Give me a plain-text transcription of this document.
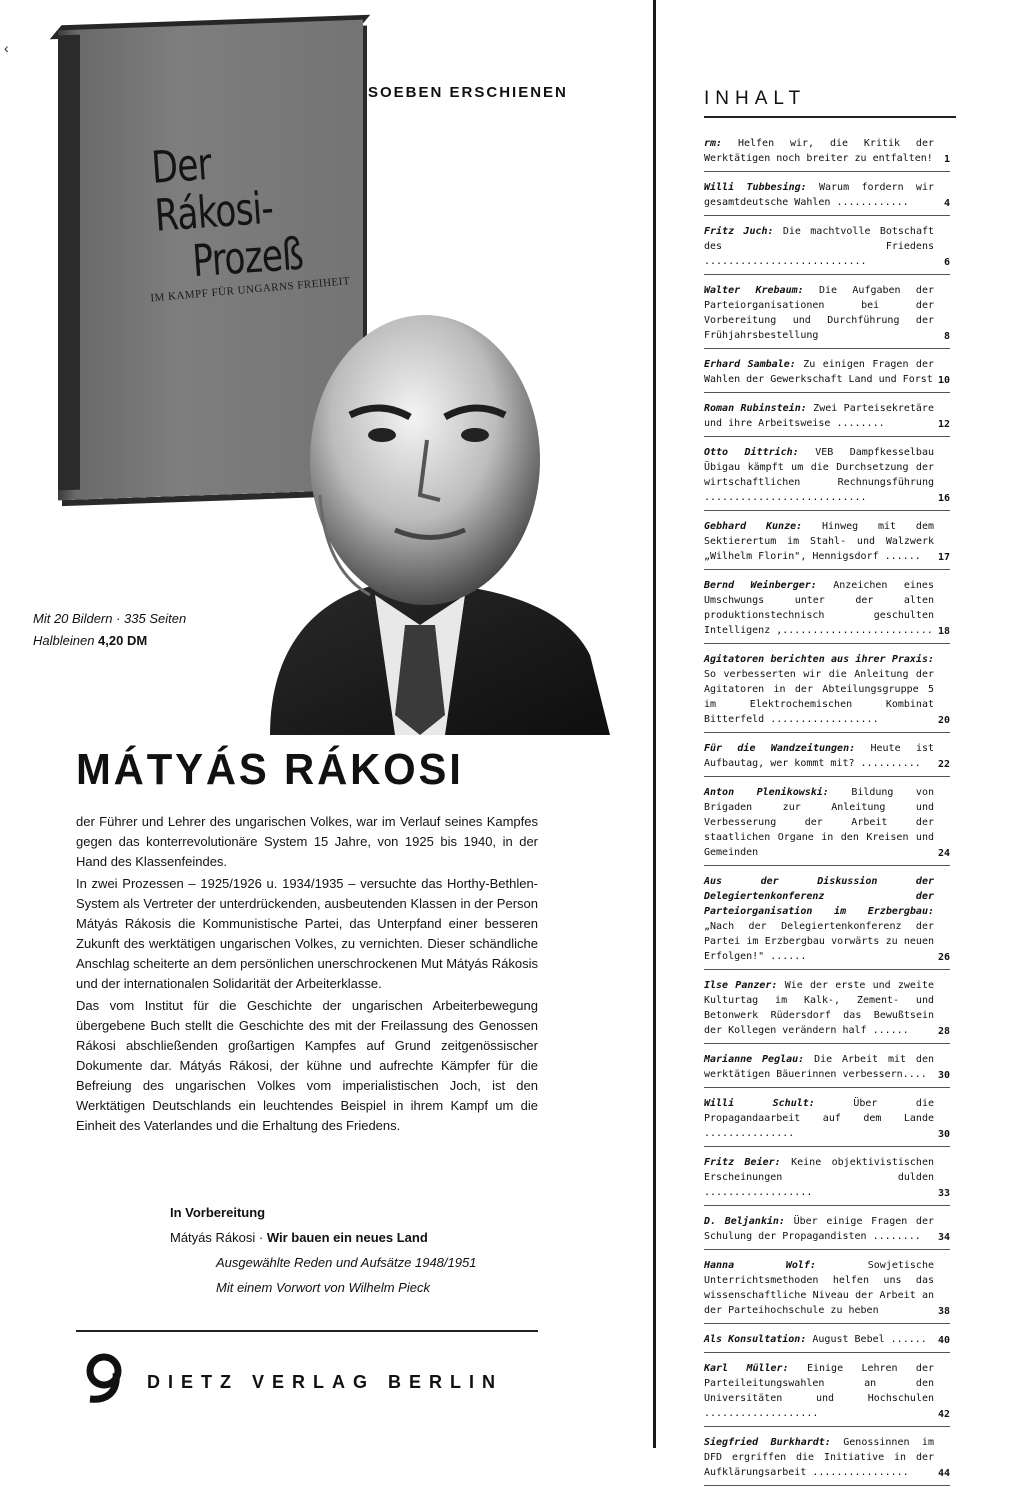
‹
Der Rákosi-
Prozeß
IM KAMPF FÜR UNGARNS FREIHEIT
SOEBEN ERSCHIENEN
Mit 20 Bildern · 335 Seiten
Halbleinen 4,20 DM
MÁTYÁS RÁKOSI

der Führer und Lehrer des ungarischen Volkes, war im Verlauf seines Kampfes gegen das konterrevolutionäre System 15 Jahre, von 1925 bis 1940, in der Hand des Klassenfeindes.

In zwei Prozessen – 1925/1926 u. 1934/1935 – versuchte das Horthy-Bethlen-System als Vertreter der unterdrückenden, ausbeutenden Klassen in der Person Mátyás Rákosis die Kommunistische Partei, das Unterpfand einer besseren Zukunft des werktätigen ungarischen Volkes, zu vernichten. Dieser schändliche Anschlag scheiterte an dem persönlichen unerschrockenen Mut Mátyás Rákosis und der internationalen Solidarität der Arbeiterklasse.

Das vom Institut für die Geschichte der ungarischen Arbeiterbewegung übergebene Buch stellt die Geschichte des mit der Freilassung des Genossen Rákosi abschließenden großartigen Kampfes auf Grund zeitgenössischer Dokumente dar. Mátyás Rákosi, der kühne und aufrechte Kämpfer für die Befreiung des ungarischen Volkes vom imperialistischen Joch, ist den Werktätigen Deutschlands ein leuchtendes Beispiel in ihrem Kampf um die Einheit des Vaterlandes und die Erhaltung des Friedens.

In Vorbereitung
Mátyás Rákosi · Wir bauen ein neues Land
Ausgewählte Reden und Aufsätze 1948/1951
Mit einem Vorwort von Wilhelm Pieck
DIETZ VERLAG BERLIN
INHALT
rm: Helfen wir, die Kritik der Werktätigen noch breiter zu entfalten! 1
Willi Tubbesing: Warum fordern wir gesamtdeutsche Wahlen ............	4
Fritz Juch: Die machtvolle Botschaft des Friedens ...........................	6
Walter Krebaum: Die Aufgaben der Parteiorganisationen bei der Vorbereitung und Durchführung der Frühjahrsbestellung	8
Erhard Sambale: Zu einigen Fragen der Wahlen der Gewerkschaft Land und Forst 10
Roman Rubinstein: Zwei Parteisekretäre und ihre Arbeitsweise ........	12
Otto Dittrich: VEB Dampfkesselbau Übigau kämpft um die Durchsetzung der wirtschaftlichen Rechnungsführung ...........................	16
Gebhard Kunze: Hinweg mit dem Sektierertum im Stahl- und Walzwerk „Wilhelm Florin", Hennigsdorf ...... 17
Bernd Weinberger: Anzeichen eines Umschwungs unter der alten produktionstechnisch geschulten Intelligenz ,......................... 18
Agitatoren berichten aus ihrer Praxis: So verbesserten wir die Anleitung der Agitatoren in der Abteilungsgruppe 5 im Elektrochemischen Kombinat Bitterfeld ..................	20
Für die Wandzeitungen: Heute ist Aufbautag, wer kommt mit? .......... 22
Anton Plenikowski: Bildung von Brigaden zur Anleitung und Verbesserung der Arbeit der staatlichen Organe in den Kreisen und Gemeinden	24
Aus der Diskussion der Delegiertenkonferenz der Parteiorganisation im Erzbergbau: „Nach der Delegiertenkonferenz der Partei im Erzbergbau vorwärts zu neuen Erfolgen!" ......	26
Ilse Panzer: Wie der erste und zweite Kulturtag im Kalk-, Zement- und Betonwerk Rüdersdorf das Bewußtsein der Kollegen verändern half ......	28
Marianne Peglau: Die Arbeit mit den werktätigen Bäuerinnen verbessern.... 30
Willi Schult:	Über die Propagandaarbeit auf dem Lande ...............	30
Fritz Beier: Keine objektivistischen Erscheinungen dulden ..................	33
D. Beljankin: Über einige Fragen der Schulung der Propagandisten ........ 34
Hanna Wolf:	Sowjetische Unterrichtsmethoden helfen uns das wissenschaftliche Niveau der Arbeit an der Parteihochschule zu heben	38
Als Konsultation: August Bebel ...... 40
Karl Müller: Einige Lehren der Parteileitungswahlen an den Universitäten und Hochschulen ...................	42
Siegfried Burkhardt: Genossinnen im DFD ergriffen die Initiative in der Aufklärungsarbeit ................	44
